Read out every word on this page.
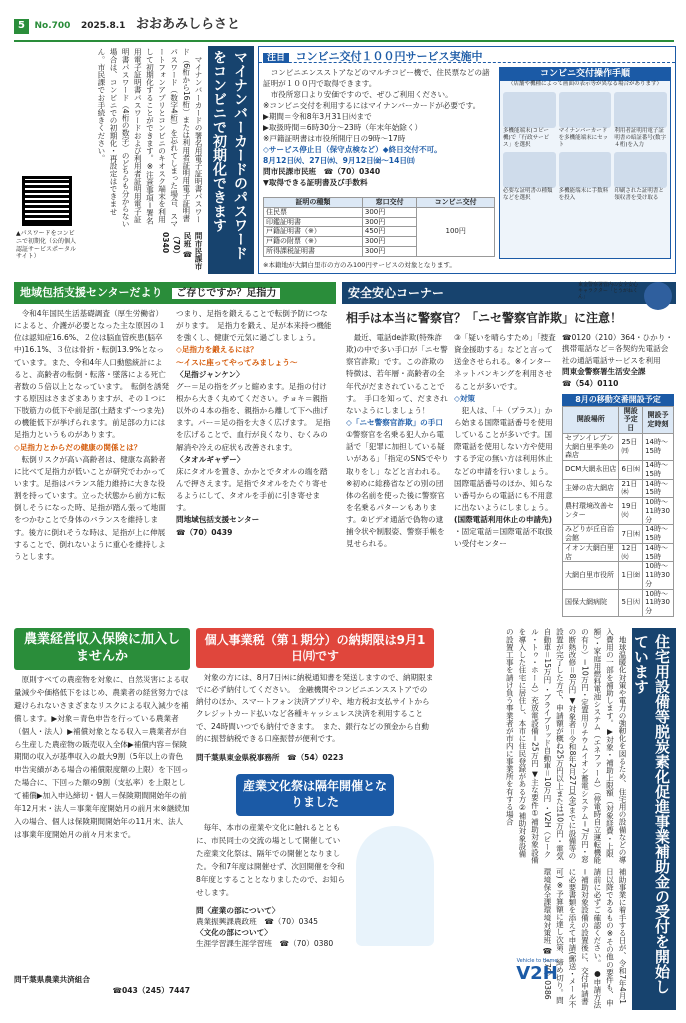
5 No.700 2025.8.1 おおあみしらさと
マイナンバーカードのパスワードをコンビニで初期化できます
　マイナンバーカードの署名用電子証明書パスワード（6桁から16桁）または利用者証明用電子証明書パスワード（数字4桁）を忘れてしまった場合、スマートフォンアプリとコンビニのキオスク端末を利用して初期化することができます。※注意事項＝署名用電子証明書パスワードおよび利用者証明用電子証明書パスワード（4桁の数字）のどちらも分からない場合は、コンビニでの初期化・再設定はできません。市民課でお手続きください。
問市民課市民班 ☎（70）0340
▲パスワードをコンビニで初期化（公的個人認証サービスポータルサイト）
注目 コンビニ交付１００円サービス実施中
　コンビニエンスストアなどのマルチコピー機で、住民票などの諸証明が１００円で取得できます。
　市役所窓口より安価ですので、ぜひご利用ください。
※コンビニ交付を利用するにはマイナンバーカードが必要です。
▶期間＝令和8年3月31日㈫まで
▶取扱時間＝6時30分～23時（年末年始除く）
※戸籍証明書は市役所開庁日の9時～17時
◇サービス停止日（保守点検など）◆終日交付不可。
8月12日㈫、27日㈬、9月12日㈮～14日㈰
問市民課市民班　☎（70）0340
▼取得できる証明書及び手数料
証明の種類	窓口交付	コンビニ交付
住民票	300円	100円
印鑑証明書	300円	
戸籍証明書（※）	450円	
戸籍の附票（※）	300円	
所得課税証明書	300円	
※本籍地が大網白里市の方のみ100円サービスの対象となります。
コンビニ交付操作手順
（店舗や機種によって画面の表示等が異なる場合があります）
多機能端末(コピー機)で「行政サービス」を選択
マイナンバーカードを多機能端末にセット
利用者証明用電子証明書の暗証番号(数字４桁)を入力
必要な証明書の種類などを選択
多機能端末に手数料を投入
印刷された証明書と領収書を受け取る
地域包括支援センターだより ご存じですか？足指力
　令和4年国民生活基礎調査（厚生労働省）によると、介護が必要となった主な原因の１位は認知症16.6%、２位は脳血管疾患(脳卒中)16.1%、３位は骨折・転倒13.9%となっています。また、令和4年人口動態統計によると、高齢者の転倒・転落・墜落による死亡者数の５倍以上となっています。　転倒を誘発する原因はさまざまありますが、その１つに下肢筋力の低下や前足部(土踏まず～つま先)の機能低下が挙げられます。前足部の力には足指力というものがあります。
◇足指力とからだの健康の関係とは？
　転倒リスクが高い高齢者は、健康な高齢者に比べて足指力が低いことが研究でわかっています。足指はバランス能力維持に大きな役割を持っています。立った状態から前方に転倒しそうになった時、足指が踏ん張って地面をつかむことで身体のバランスを維持します。後方に倒れそうな時は、足指が上に伸展することで、倒れないように重心を維持しようとします。
つまり、足指を鍛えることで転倒予防につながります。　足指力を鍛え、足が本来持つ機能を強くし、健康で元気に過ごしましょう。
◇足指力を鍛えるには？
～イスに座ってやってみましょう～
〈足指ジャンケン〉
グー＝足の指をグッと縮めます。足指の付け根から大きく丸めてください。チョキ＝親指以外の４本の指を、親指から離して下へ曲げます。パー＝足の指を大きく広げます。　足指を広げることで、血行が良くなり、むくみの解消や冷えの症状も改善されます。
〈タオルギャザー〉
床にタオルを置き、かかとでタオルの端を踏んで押さえます。足指でタオルをたぐり寄せるようにして、タオルを手前に引き寄せます。
問地域包括支援センター
☎（70）0439
安全安心コーナー
東金警察署管内の安全安心キャラクター「とうがねくん」
相手は本当に警察官？「ニセ警察官詐欺」に注意！
　最近、電話de詐欺(特殊詐欺)の中で多い手口が「ニセ警察官詐欺」です。この詐欺の特徴は、若年層・高齢者の全年代がだまされていることです。　手口を知って、だまされないようにしましょう！
◇「ニセ警察官詐欺」の手口
①警察官を名乗る犯人から電話で「犯罪に加担している疑いがある」「指定のSNSでやり取りをし」などと言われる。※初めに総務省などの別の団体の名前を使った後に警察官を名乗るパターンもあります。②ビデオ通話で偽物の逮捕令状や制服姿、警察手帳を見せられる。
③「疑いを晴らすため」「捜査資金援助する」などと言って送金させられる。※インターネットバンキングを利用させることが多いです。
◇対策
　犯人は、「＋（プラス）」から始まる国際電話番号を使用していることが多いです。国際電話を使用しない方や使用する予定の無い方は利用休止などの申請を行いましょう。　国際電話番号のほか、知らない番号からの電話にも不用意に出ないようにしましょう。
(国際電話利用休止の申請先)
・固定電話＝国際電話不取扱い受付センター
☎0120（210）364・ひかり・携帯電話など＝各契約先電話会社の通話電話サービスを利用
問東金警察署生活安全課
☎（54）0110
8月の移動交番開設予定
開設場所	開設予定日	開設予定時刻
セブンイレブン大網白里季美の森店	25日㈪	14時～15時
DCM大網永田店	6日㈬	14時～15時
主婦の店大網店	21日㈭	14時～15時
農村環境改善センター	19日㈫	10時～11時30分
みどりが丘自治会館	7日㈭	14時～15時
イオン大網白里店	12日㈫	14時～15時
大網白里市役所	1日㈮	10時～11時30分
国保大網病院	5日㈫	10時～11時30分
農業経営収入保険に加入しませんか
　原則すべての農産物を対象に、自然災害による収量減少や価格低下をはじめ、農業者の経営努力では避けられないさまざまなリスクによる収入減少を補償します。▶対象＝青色申告を行っている農業者（個人・法人）▶補償対象となる収入＝農業者が自ら生産した農産物の販売収入全体▶補償内容＝保険期間の収入が基準収入の最大9割（5年以上の青色申告実績がある場合の補償限度額の上限）を下回った場合に、下回った額の9割（支払率）を上限として補償▶加入申込締切・個人＝保険期間開始年の前年12月末・法人＝事業年度開始月の前月末※継続加入の場合、個人は保険期間開始年の11月末、法人は事業年度開始月の前々月末まで。
問千葉県農業共済組合
☎043（245）7447
個人事業税（第１期分）の納期限は9月1日㈪です
　対象の方には、8月7日㈭に納税通知書を発送しますので、納期限までに必ず納付してください。　金融機関やコンビニエンスストアでの納付のほか、スマートフォン決済アプリや、地方税お支払サイトからクレジットカード払いなど各種キャッシュレス決済を利用することで、24時間いつでも納付できます。　また、銀行などの預金から自動的に振替納税できる口座振替が便利です。
問千葉県東金県税事務所　 ☎（54）0223
産業文化祭は隔年開催となりました
　毎年、本市の産業や文化に触れるとともに、市民同士の交流の場として開催していた産業文化祭は、隔年での開催となりました。令和7年度は開催せず、次回開催を令和8年度とすることとなりましたので、お知らせします。
問〈産業の部について〉
農業振興課農政班　 ☎（70）0345
〈文化の部について〉
生涯学習課生涯学習班　 ☎（70）0380	住宅用設備等脱炭素化促進事業補助金の受付を開始しています
　地球温暖化対策や電力の強靭化を図るため、住宅用の設備などの導入費用の一部を補助します。▶対象・補助上限額（対象経費・上限額）・家庭用燃料電池システム（エネファーム）（停電時自立運転機能の有り）＝10万円・定置用リチウムイオン蓄電システム＝7万円・窓の断熱改修＝8万円 ▼対象者＝令和8年2月27日(金)までに設備等の設置が完了した方で、申請額が概ね25万円以上または10万円・電気自動車＝15万円 ・ブライブリッド自動車＝10万円 ・V2H（ビークル・トゥ・ホーム）充放電設備＝25万円 ▼主な要件①補助対象設備を導入した住宅に居住し、本市に住民登録がある方②補助対象設備の設置工事を請け負う事業者が市内に事業所を有する場合
補助事業に着手する日が、令和7年4月1日以降であるもの※その他の要件も、申請前に必ずご確認ください。 ●申請方法＝補助対象設備の設置後に、交付申請書に必要書類を添えて申請(郵送・メール不可) ※予算額に達し次第、締め切り。問環境保全課環境対策班 ☎（70）0386
Vehicle to Home
V2H
